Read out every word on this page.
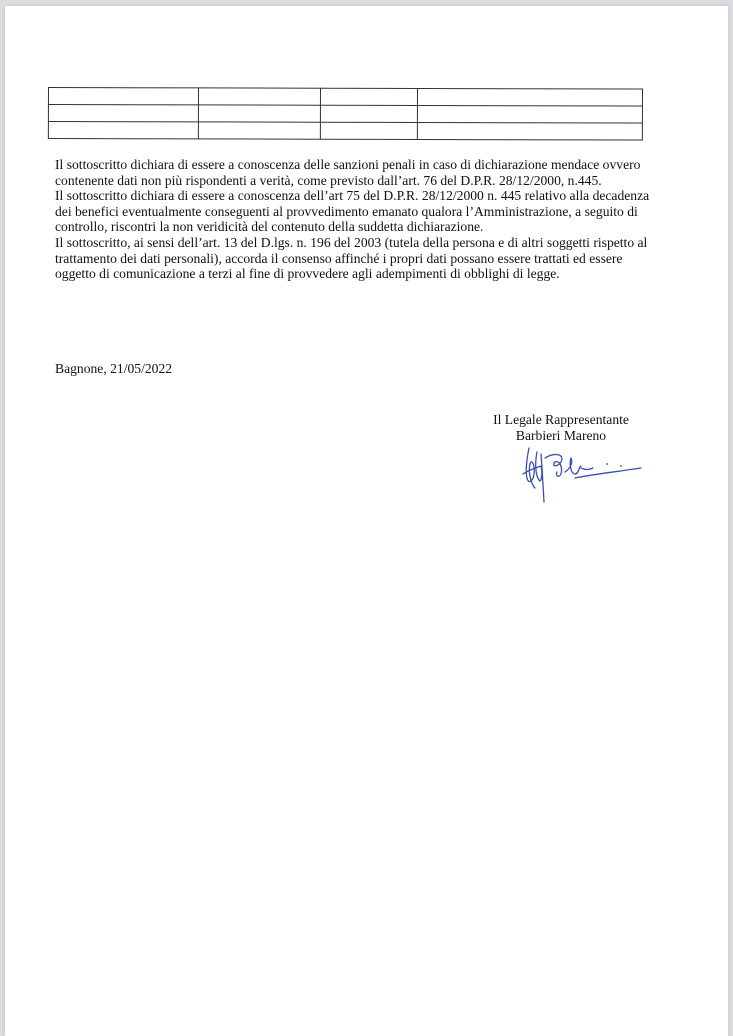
Il sottoscritto dichiara di essere a conoscenza delle sanzioni penali in caso di dichiarazione mendace ovvero contenente dati non più rispondenti a verità, come previsto dall’art. 76 del D.P.R. 28/12/2000, n.445.

Il sottoscritto dichiara di essere a conoscenza dell’art 75 del D.P.R. 28/12/2000 n. 445 relativo alla decadenza dei benefici eventualmente conseguenti al provvedimento emanato qualora l’Amministrazione, a seguito di controllo, riscontri la non veridicità del contenuto della suddetta dichiarazione.

Il sottoscritto, ai sensi dell’art. 13 del D.lgs. n. 196 del 2003 (tutela della persona e di altri soggetti rispetto al trattamento dei dati personali), accorda il consenso affinché i propri dati possano essere trattati ed essere oggetto di comunicazione a terzi al fine di provvedere agli adempimenti di obblighi di legge.

Bagnone, 21/05/2022
Il Legale Rappresentante
Barbieri Mareno
